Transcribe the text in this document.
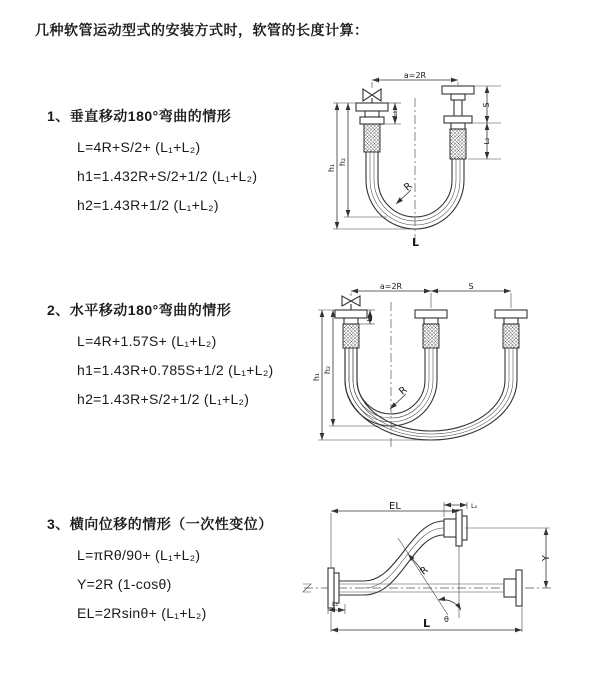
几种软管运动型式的安装方式时，软管的长度计算：
1、垂直移动180°弯曲的情形
L=4R+S/2+ (L₁+L₂)
h1=1.432R+S/2+1/2 (L₁+L₂)
h2=1.43R+1/2 (L₁+L₂)
2、水平移动180°弯曲的情形
L=4R+1.57S+ (L₁+L₂)
h1=1.43R+0.785S+1/2 (L₁+L₂)
h2=1.43R+S/2+1/2 (L₁+L₂)
3、横向位移的情形（一次性变位）
L=πRθ/90+ (L₁+L₂)
Y=2R (1-cosθ)
EL=2Rsinθ+ (L₁+L₂)
a=2R
h₁
h₂
L₁
S
L₂
R
L
a=2R	S
h₁
h₂
L₁
R
θ
R
EL	L₂
Y
L
L₁
